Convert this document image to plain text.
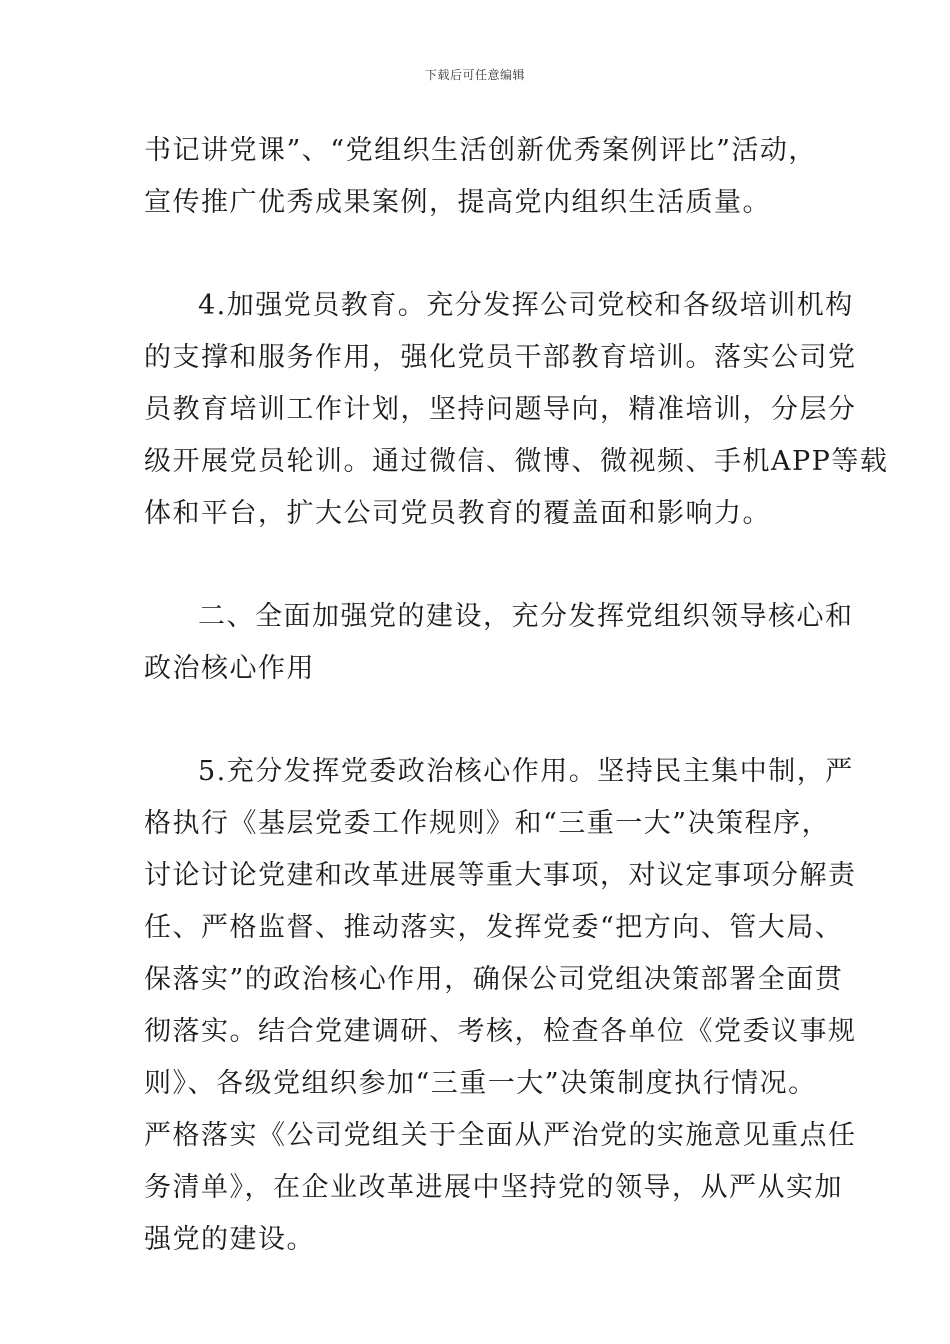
下载后可任意编辑
书记讲党课”、“党组织生活创新优秀案例评比”活动，
宣传推广优秀成果案例，提高党内组织生活质量。
4.加强党员教育。充分发挥公司党校和各级培训机构
的支撑和服务作用，强化党员干部教育培训。落实公司党
员教育培训工作计划，坚持问题导向，精准培训，分层分
级开展党员轮训。通过微信、微博、微视频、手机APP等载
体和平台，扩大公司党员教育的覆盖面和影响力。
二、全面加强党的建设，充分发挥党组织领导核心和
政治核心作用
5.充分发挥党委政治核心作用。坚持民主集中制，严
格执行《基层党委工作规则》和“三重一大”决策程序，
讨论讨论党建和改革进展等重大事项，对议定事项分解责
任、严格监督、推动落实，发挥党委“把方向、管大局、
保落实”的政治核心作用，确保公司党组决策部署全面贯
彻落实。结合党建调研、考核，检查各单位《党委议事规
则》、各级党组织参加“三重一大”决策制度执行情况。
严格落实《公司党组关于全面从严治党的实施意见重点任
务清单》，在企业改革进展中坚持党的领导，从严从实加
强党的建设。
